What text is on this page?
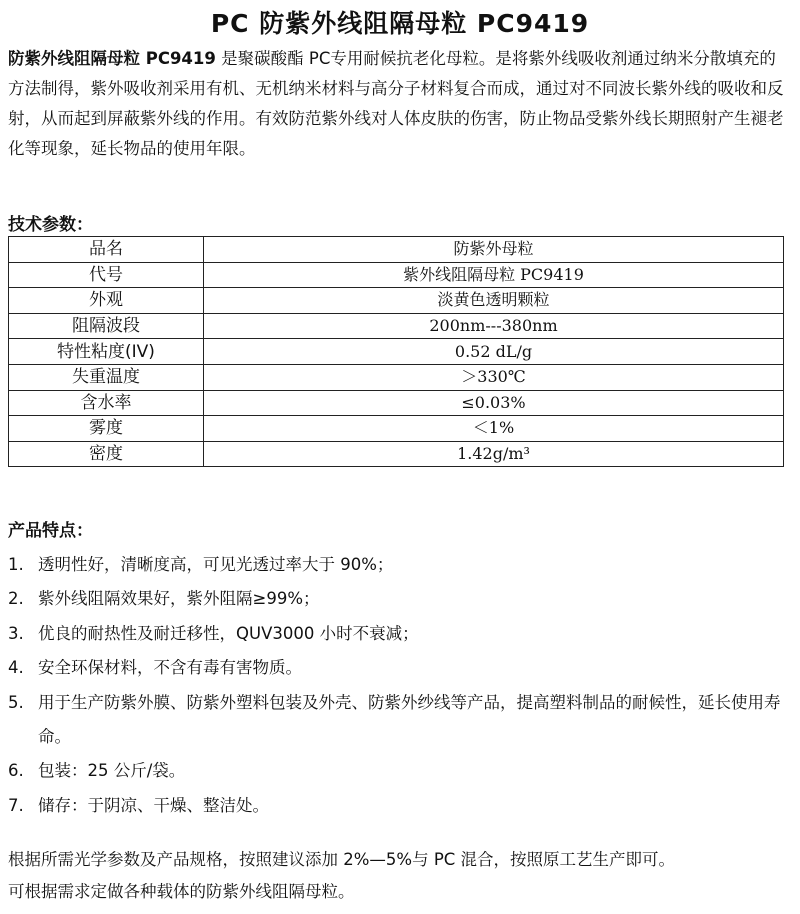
PC 防紫外线阻隔母粒 PC9419
防紫外线阻隔母粒 PC9419 是聚碳酸酯 PC专用耐候抗老化母粒。是将紫外线吸收剂通过纳米分散填充的方法制得，紫外吸收剂采用有机、无机纳米材料与高分子材料复合而成，通过对不同波长紫外线的吸收和反射，从而起到屏蔽紫外线的作用。有效防范紫外线对人体皮肤的伤害，防止物品受紫外线长期照射产生褪老化等现象，延长物品的使用年限。
技术参数：
品名	防紫外母粒
代号	紫外线阻隔母粒 PC9419
外观	淡黄色透明颗粒
阻隔波段	200nm---380nm
特性粘度(IV)	0.52 dL/g
失重温度	＞330℃
含水率	≤0.03%
雾度	＜1%
密度	1.42g/m³
产品特点：
1. 透明性好，清晰度高，可见光透过率大于 90%；
2. 紫外线阻隔效果好，紫外阻隔≥99%；
3. 优良的耐热性及耐迁移性，QUV3000 小时不衰减；
4. 安全环保材料，不含有毒有害物质。
5. 用于生产防紫外膜、防紫外塑料包装及外壳、防紫外纱线等产品，提高塑料制品的耐候性，延长使用寿命。
6. 包装：25 公斤/袋。
7. 储存：于阴凉、干燥、整洁处。
根据所需光学参数及产品规格，按照建议添加 2%—5%与 PC 混合，按照原工艺生产即可。
可根据需求定做各种载体的防紫外线阻隔母粒。
